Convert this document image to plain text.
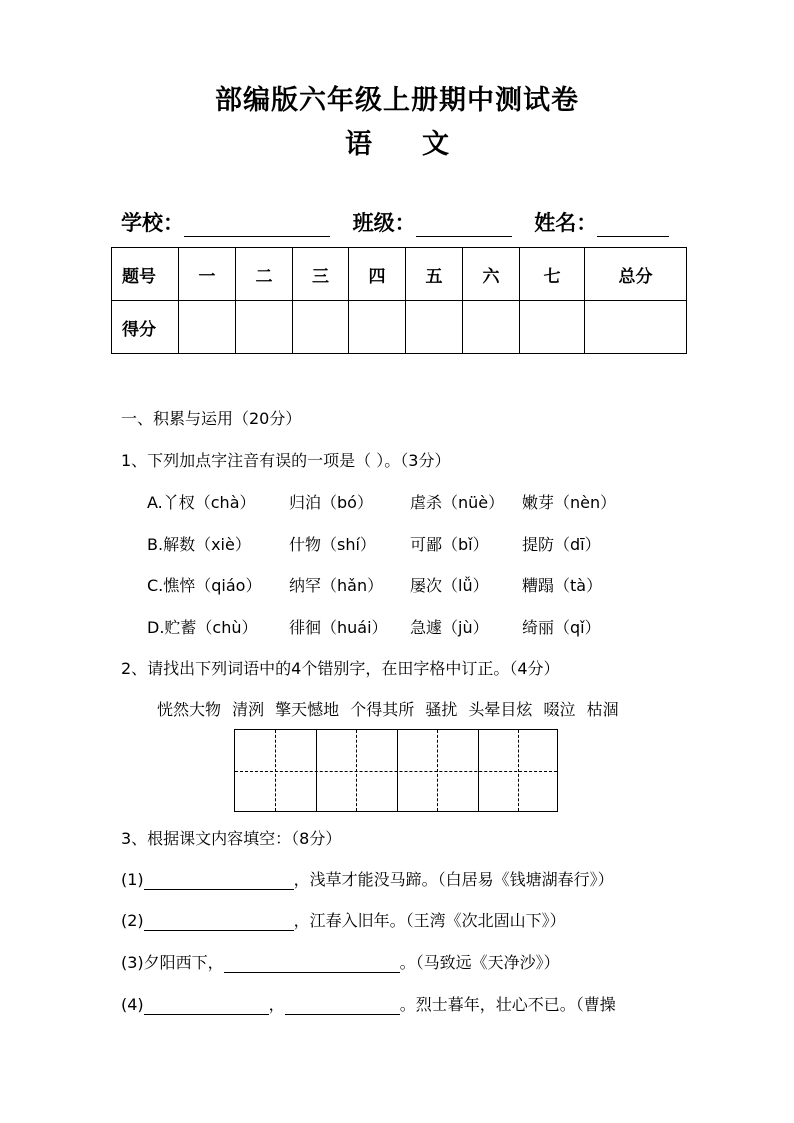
部编版六年级上册期中测试卷
语 文
学校：	班级：	姓名：
题号	一	二	三	四	五	六	七	总分
得分								
一、积累与运用（20分）
1、下列加点字注音有误的一项是（ ）。（3分）
A.丫杈（chà） 归泊（bó） 虐杀（nüè） 嫩芽（nèn）
B.解数（xiè） 什物（shí） 可鄙（bǐ） 提防（dī）
C.憔悴（qiáo） 纳罕（hǎn） 屡次（lǚ） 糟蹋（tà）
D.贮蓄（chù） 徘徊（huái） 急遽（jù） 绮丽（qǐ）
2、请找出下列词语中的4个错别字，在田字格中订正。（4分）
恍然大物 清洌 擎天憾地 个得其所 骚扰 头晕目炫 啜泣 枯涸
3、根据课文内容填空：（8分）
(1)	，浅草才能没马蹄。（白居易《钱塘湖春行》）
(2)	，江春入旧年。（王湾《次北固山下》）
(3)夕阳西下，	。（马致远《天净沙》）
(4)	，	。烈士暮年，壮心不已。（曹操
